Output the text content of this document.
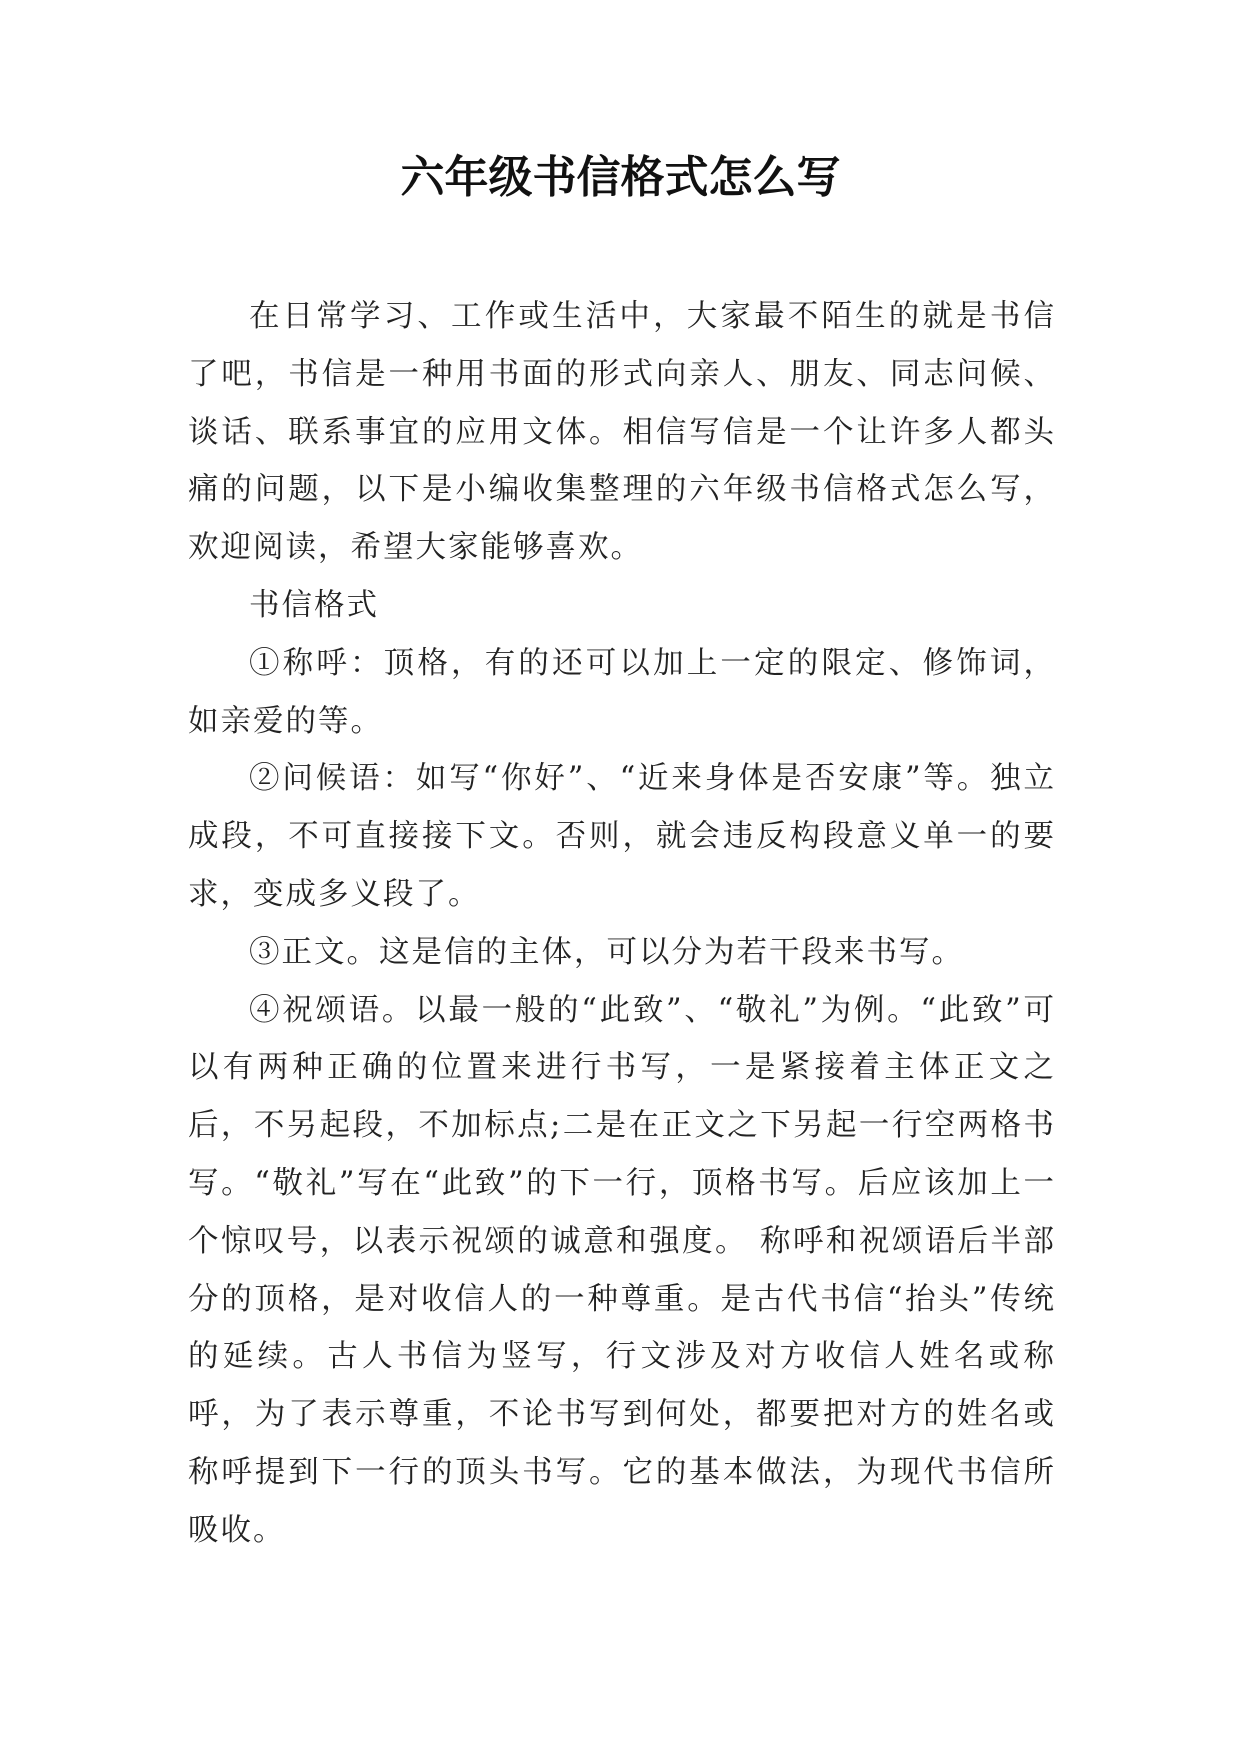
六年级书信格式怎么写

在日常学习、工作或生活中，大家最不陌生的就是书信了吧，书信是一种用书面的形式向亲人、朋友、同志问候、谈话、联系事宜的应用文体。相信写信是一个让许多人都头痛的问题，以下是小编收集整理的六年级书信格式怎么写，欢迎阅读，希望大家能够喜欢。

书信格式

①称呼：顶格，有的还可以加上一定的限定、修饰词，如亲爱的等。

②问候语：如写“你好”、“近来身体是否安康”等。独立成段，不可直接接下文。否则，就会违反构段意义单一的要求，变成多义段了。

③正文。这是信的主体，可以分为若干段来书写。

④祝颂语。以最一般的“此致”、“敬礼”为例。“此致”可以有两种正确的位置来进行书写，一是紧接着主体正文之后，不另起段，不加标点;二是在正文之下另起一行空两格书写。“敬礼”写在“此致”的下一行，顶格书写。后应该加上一个惊叹号，以表示祝颂的诚意和强度。 称呼和祝颂语后半部分的顶格，是对收信人的一种尊重。是古代书信“抬头”传统的延续。古人书信为竖写，行文涉及对方收信人姓名或称呼，为了表示尊重，不论书写到何处，都要把对方的姓名或称呼提到下一行的顶头书写。它的基本做法，为现代书信所吸收。
